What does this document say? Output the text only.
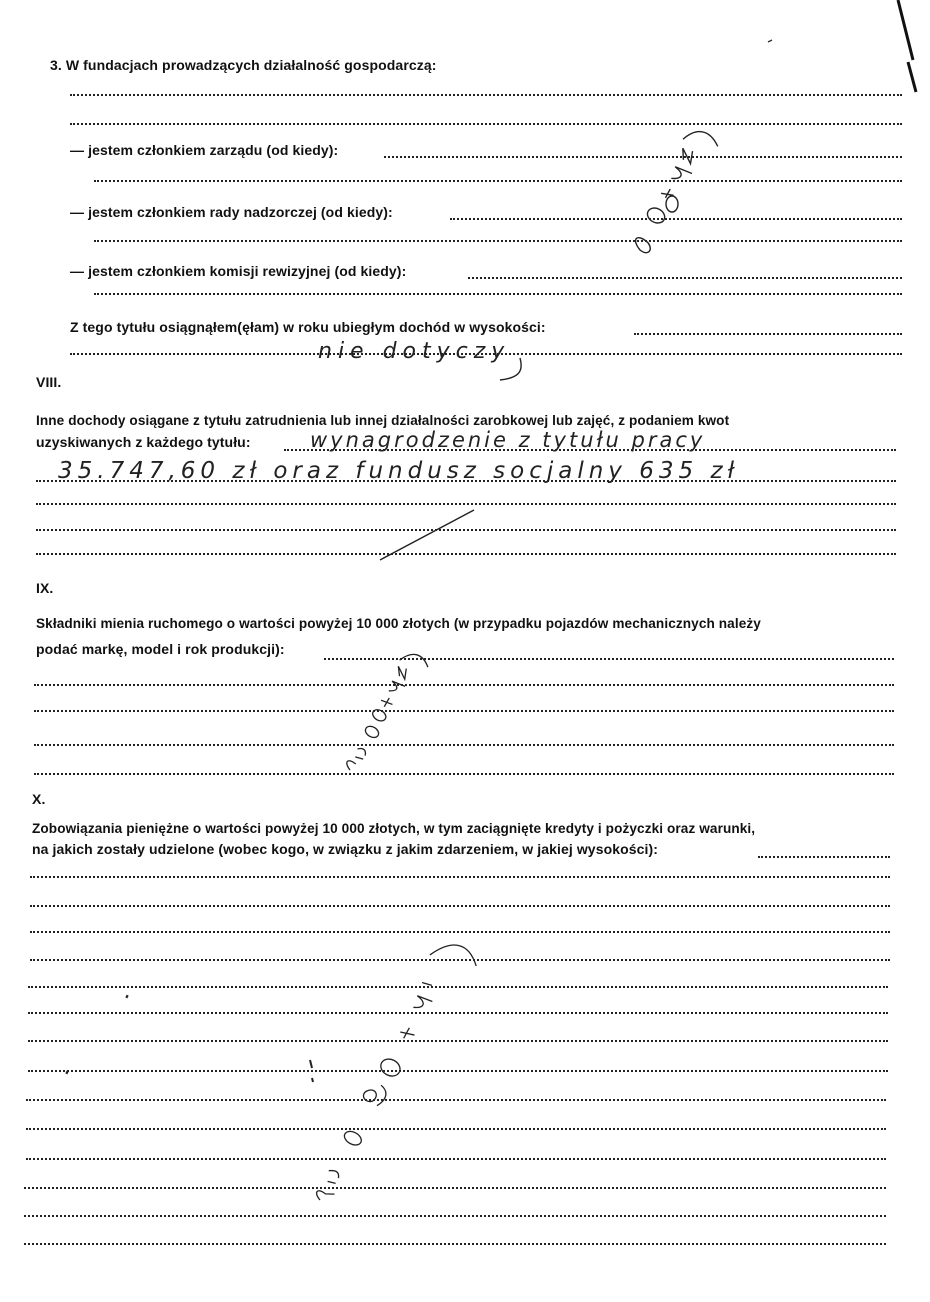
3. W fundacjach prowadzących działalność gospodarczą:
— jestem członkiem zarządu (od kiedy):
— jestem członkiem rady nadzorczej (od kiedy):
— jestem członkiem komisji rewizyjnej (od kiedy):
Z tego tytułu osiągnąłem(ęłam) w roku ubiegłym dochód w wysokości:
VIII.
Inne dochody osiągane z tytułu zatrudnienia lub innej działalności zarobkowej lub zajęć, z podaniem kwot
uzyskiwanych z każdego tytułu:
IX.
Składniki mienia ruchomego o wartości powyżej 10 000 złotych (w przypadku pojazdów mechanicznych należy
podać markę, model i rok produkcji):
X.
Zobowiązania pieniężne o wartości powyżej 10 000 złotych, w tym zaciągnięte kredyty i pożyczki oraz warunki,
na jakich zostały udzielone (wobec kogo, w związku z jakim zdarzeniem, w jakiej wysokości):
nie dotyczy
wynagrodzenie z tytułu pracy
35.747,60 zł oraz fundusz socjalny 635 zł
